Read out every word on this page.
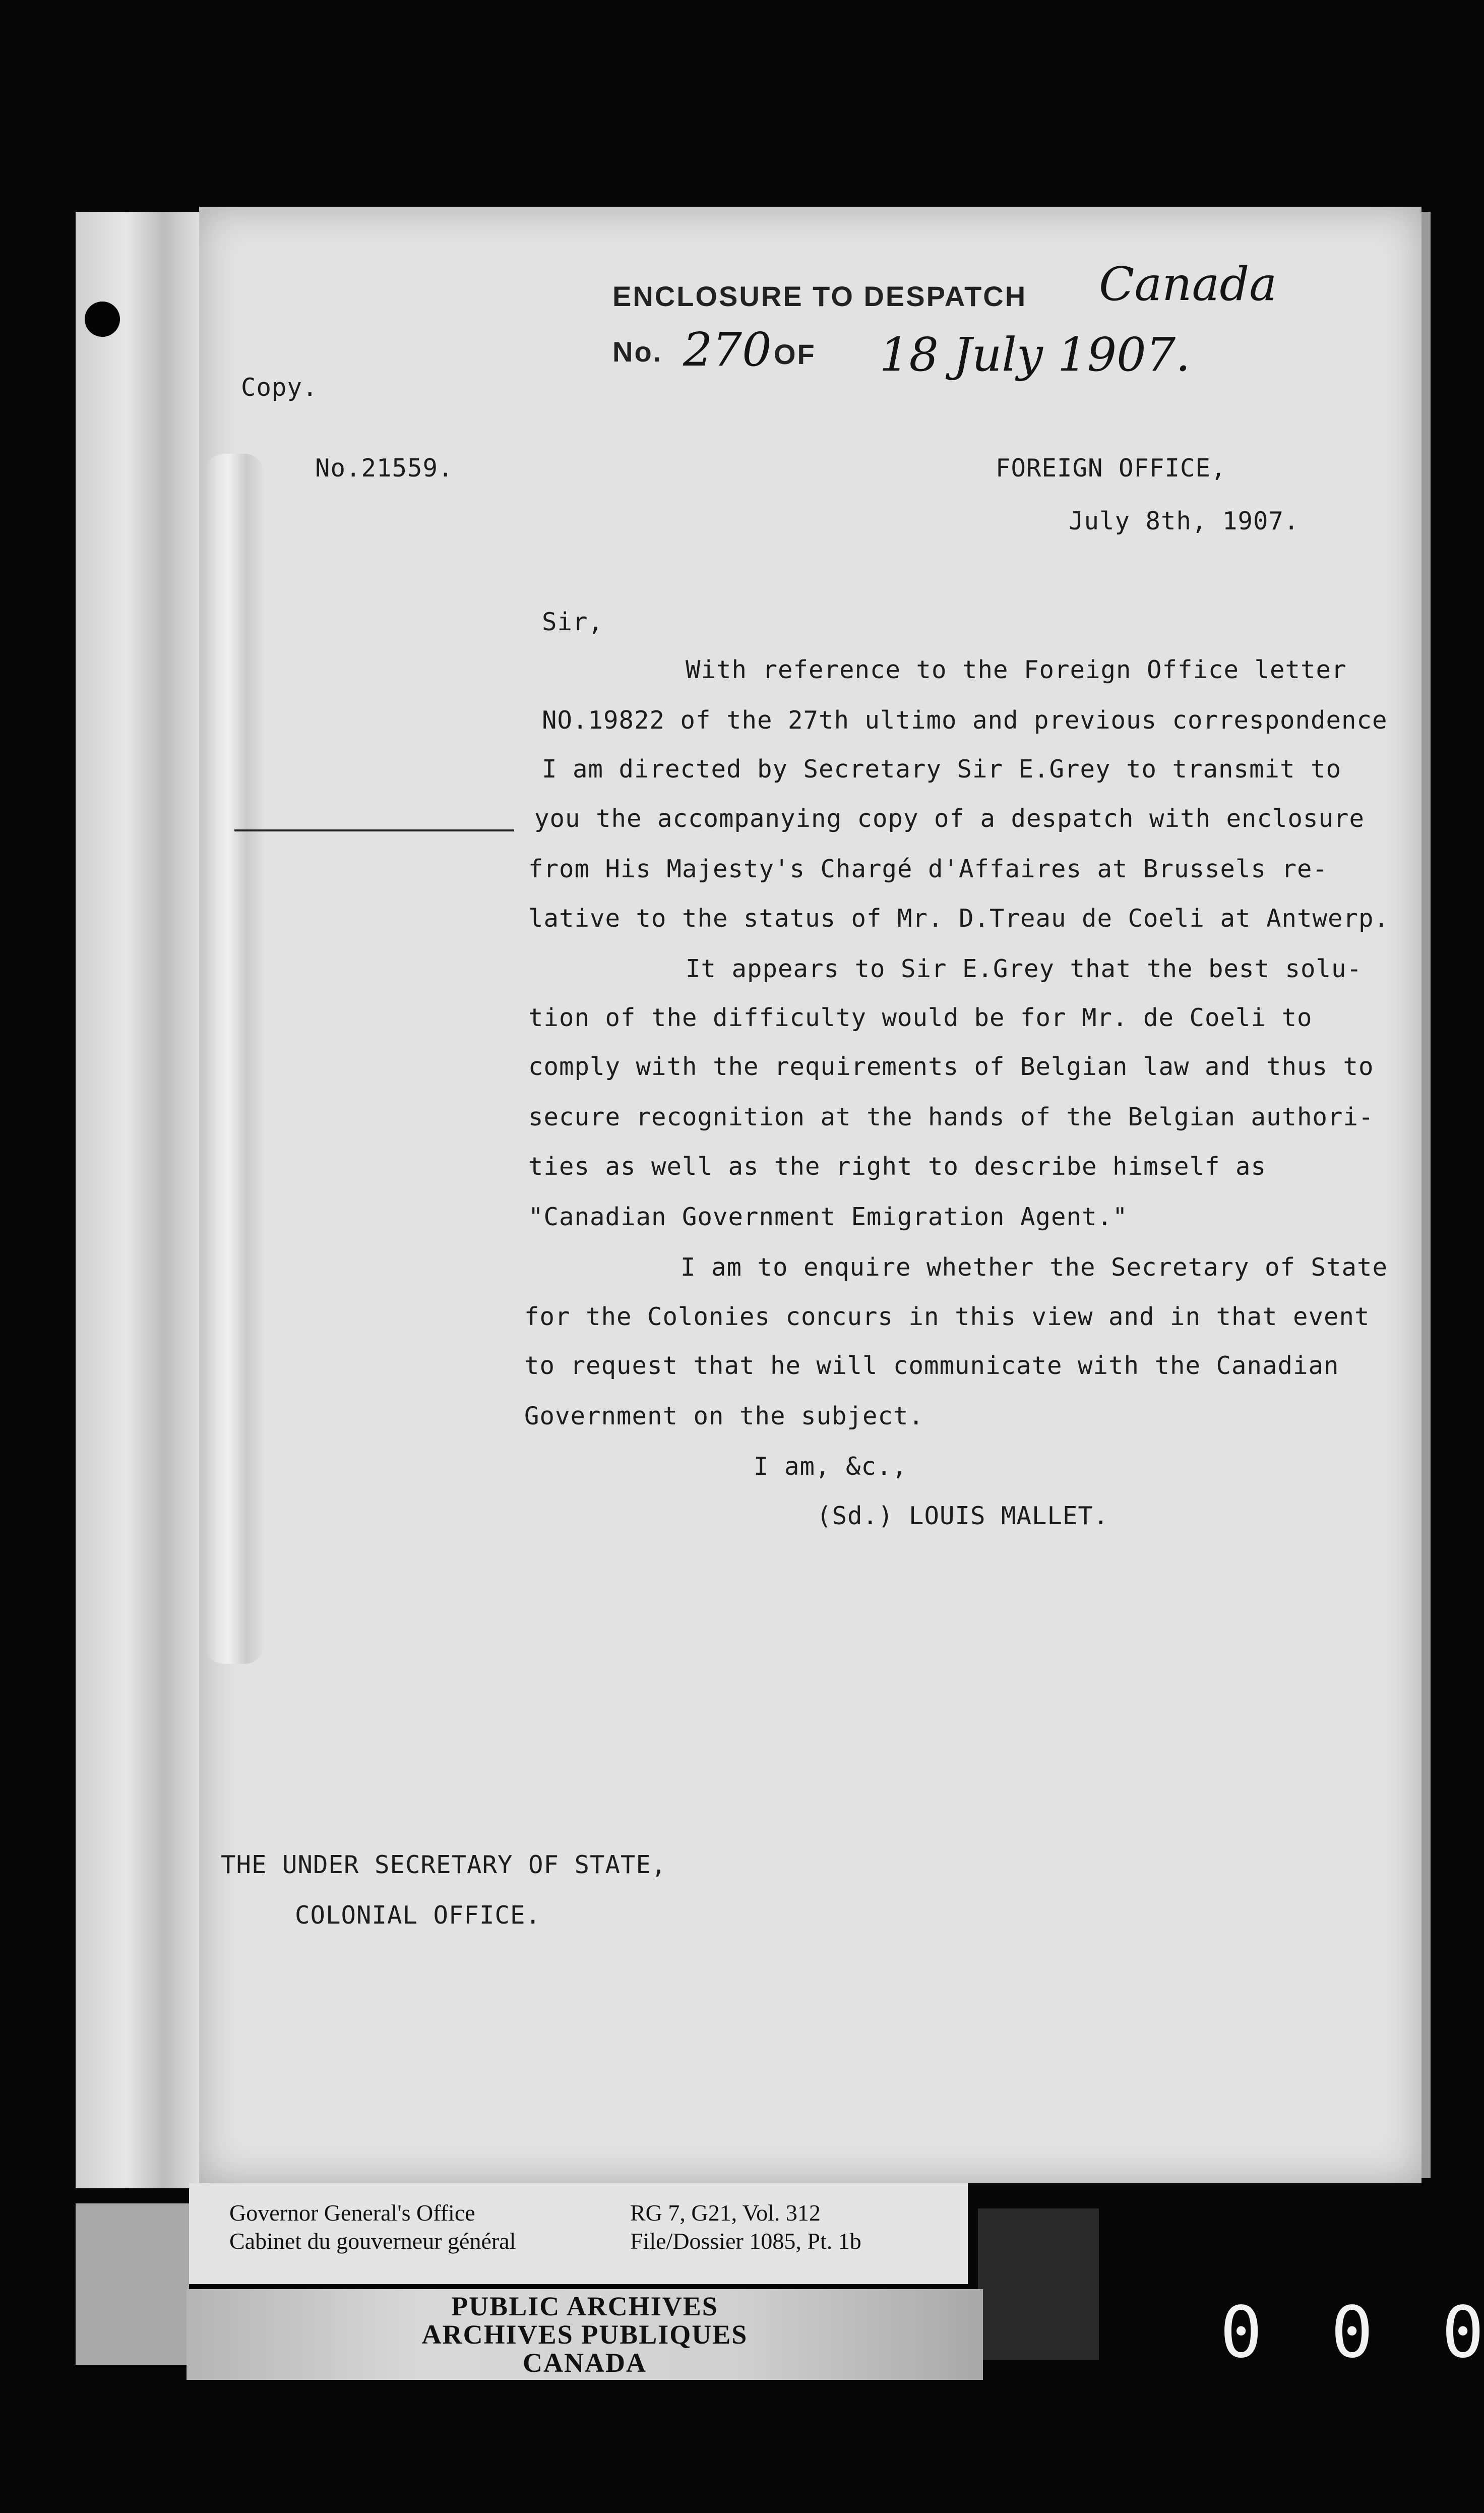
ENCLOSURE TO DESPATCH Canada
No. 270 OF 18 July 1907.
Copy.
No.21559.	FOREIGN OFFICE,
July 8th, 1907.
Sir,
With reference to the Foreign Office letter
NO.19822 of the 27th ultimo and previous correspondence
I am directed by Secretary Sir E.Grey to transmit to
you the accompanying copy of a despatch with enclosure
from His Majesty's Chargé d'Affaires at Brussels re-
lative to the status of Mr. D.Treau de Coeli at Antwerp.
It appears to Sir E.Grey that the best solu-
tion of the difficulty would be for Mr. de Coeli to
comply with the requirements of Belgian law and thus to
secure recognition at the hands of the Belgian authori-
ties as well as the right to describe himself as
"Canadian Government Emigration Agent."
I am to enquire whether the Secretary of State
for the Colonies concurs in this view and in that event
to request that he will communicate with the Canadian
Government on the subject.
I am, &c.,
(Sd.) LOUIS MALLET.
THE UNDER SECRETARY OF STATE,
COLONIAL OFFICE.
Governor General's Office
Cabinet du gouverneur général
RG 7, G21, Vol. 312
File/Dossier 1085, Pt. 1b
PUBLIC ARCHIVES
ARCHIVES PUBLIQUES
CANADA	0 0 0
